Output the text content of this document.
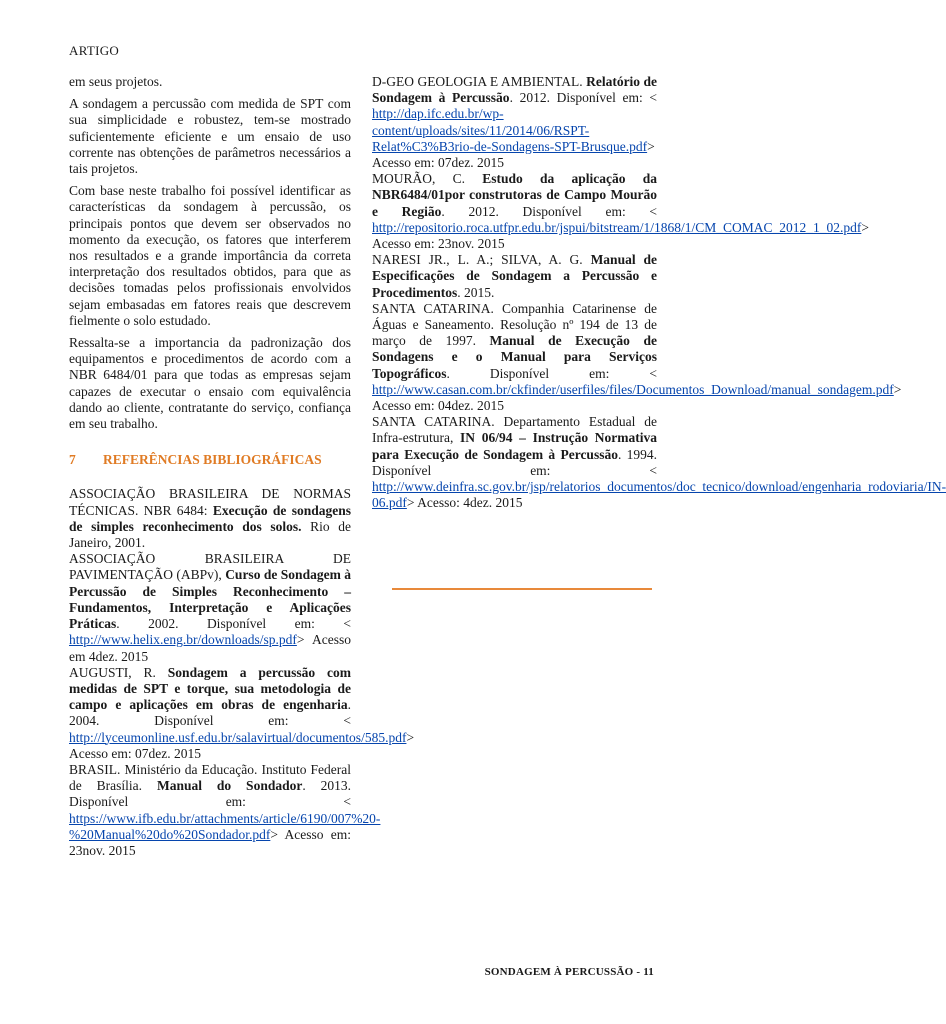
ARTIGO

em seus projetos.

A sondagem a percussão com medida de SPT com sua simplicidade e robustez, tem-se mostrado suficientemente eficiente e um ensaio de uso corrente nas obtenções de parâmetros necessários a tais projetos.

Com base neste trabalho foi possível identificar as características da sondagem à percussão, os principais pontos que devem ser observados no momento da execução, os fatores que interferem nos resultados e a grande importância da correta interpretação dos resultados obtidos, para que as decisões tomadas pelos profissionais envolvidos sejam embasadas em fatores reais que descrevem fielmente o solo estudado.

Ressalta-se a importancia da padronização dos equipamentos e procedimentos de acordo com a NBR 6484/01 para que todas as empresas sejam capazes de executar o ensaio com equivalência dando ao cliente, contratante do serviço, confiança em seu trabalho.

7	REFERÊNCIAS BIBLIOGRÁFICAS

ASSOCIAÇÃO BRASILEIRA DE NORMAS TÉCNICAS. NBR 6484: Execução de sondagens de simples reconhecimento dos solos. Rio de Janeiro, 2001.

ASSOCIAÇÃO BRASILEIRA DE PAVIMENTAÇÃO (ABPv), Curso de Sondagem à Percussão de Simples Reconhecimento – Fundamentos, Interpretação e Aplicações Práticas. 2002. Disponível em: < http://www.helix.eng.br/downloads/sp.pdf> Acesso em 4dez. 2015

AUGUSTI, R. Sondagem a percussão com medidas de SPT e torque, sua metodologia de campo e aplicações em obras de engenharia. 2004. Disponível em: < http://lyceumonline.usf.edu.br/salavirtual/documentos/585.pdf> Acesso em: 07dez. 2015

BRASIL. Ministério da Educação. Instituto Federal de Brasília. Manual do Sondador. 2013. Disponível em: < https://www.ifb.edu.br/attachments/article/6190/007%20-%20Manual%20do%20Sondador.pdf> Acesso em: 23nov. 2015

D-GEO GEOLOGIA E AMBIENTAL. Relatório de Sondagem à Percussão. 2012. Disponível em: < http://dap.ifc.edu.br/wp-content/uploads/sites/11/2014/06/RSPT-Relat%C3%B3rio-de-Sondagens-SPT-Brusque.pdf> Acesso em: 07dez. 2015

MOURÃO, C. Estudo da aplicação da NBR6484/01por construtoras de Campo Mourão e Região. 2012. Disponível em: < http://repositorio.roca.utfpr.edu.br/jspui/bitstream/1/1868/1/CM_COMAC_2012_1_02.pdf> Acesso em: 23nov. 2015

NARESI JR., L. A.; SILVA, A. G. Manual de Especificações de Sondagem a Percussão e Procedimentos. 2015.

SANTA CATARINA. Companhia Catarinense de Águas e Saneamento. Resolução nº 194 de 13 de março de 1997. Manual de Execução de Sondagens e o Manual para Serviços Topográficos. Disponível em: < http://www.casan.com.br/ckfinder/userfiles/files/Documentos_Download/manual_sondagem.pdf> Acesso em: 04dez. 2015

SANTA CATARINA. Departamento Estadual de Infra-estrutura, IN 06/94 – Instrução Normativa para Execução de Sondagem à Percussão. 1994. Disponível em: < http://www.deinfra.sc.gov.br/jsp/relatorios_documentos/doc_tecnico/download/engenharia_rodoviaria/IN-06.pdf> Acesso: 4dez. 2015

SONDAGEM À PERCUSSÃO - 11
